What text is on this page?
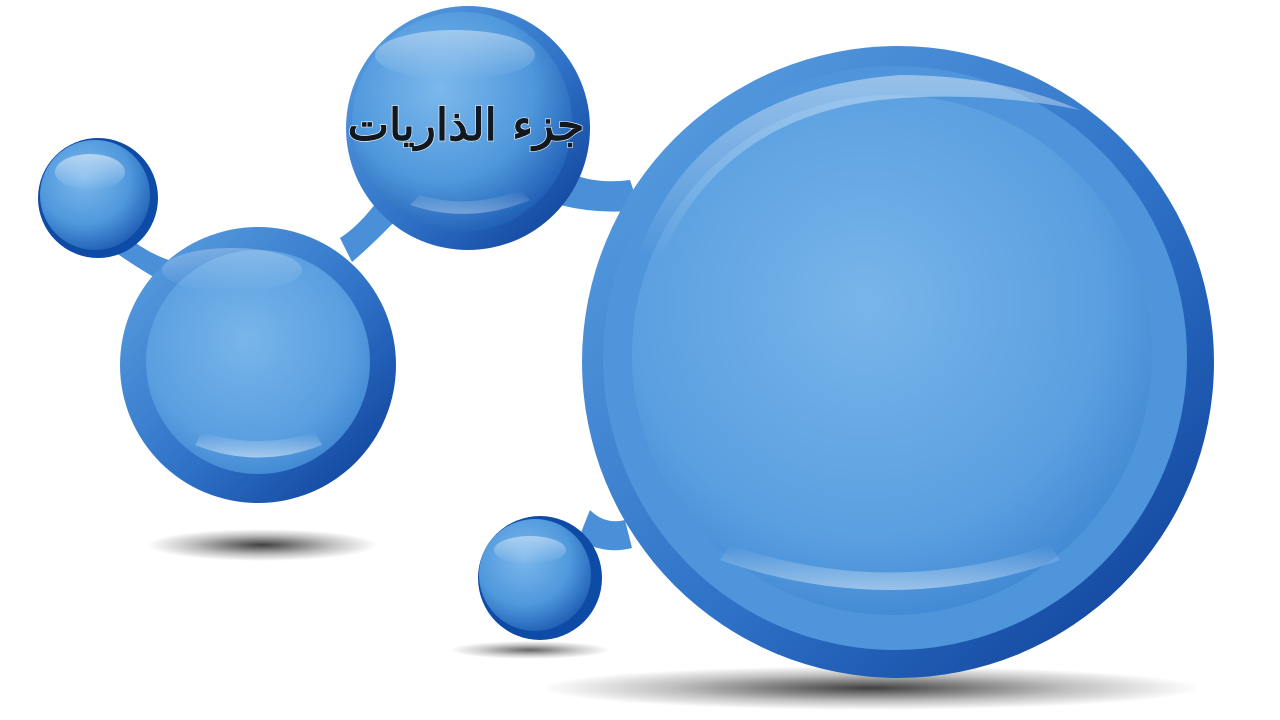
جزء الذاريات
